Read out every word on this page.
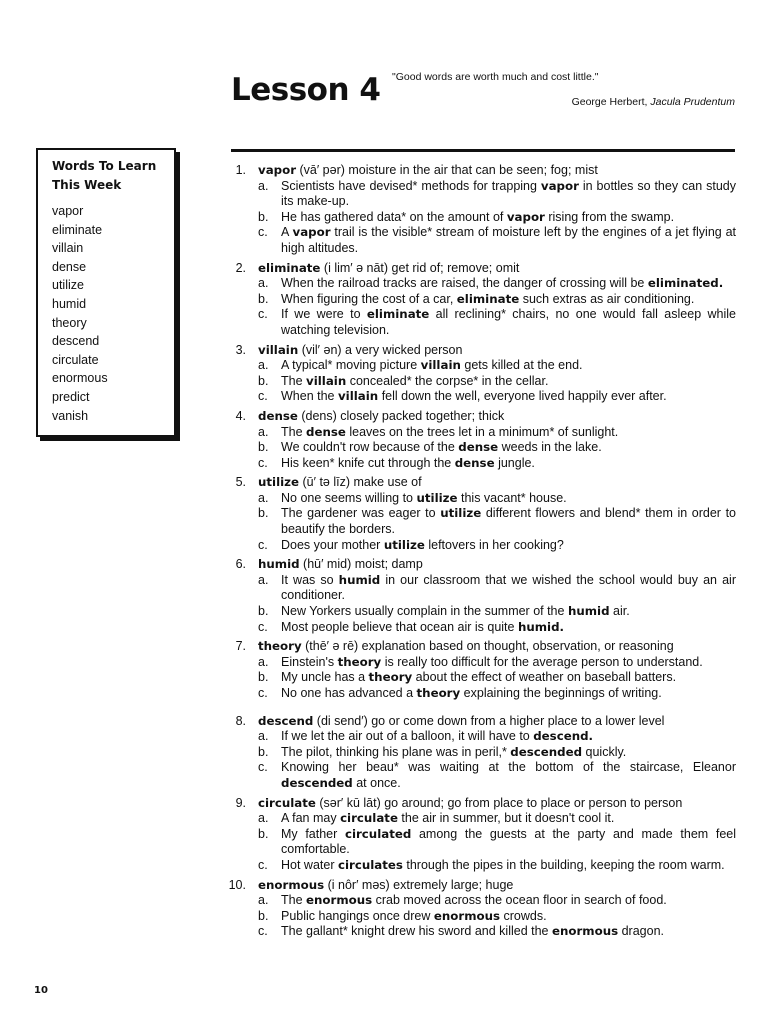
Lesson 4 "Good words are worth much and cost little."
George Herbert, Jacula Prudentum
Words To Learn This Week
vapor
eliminate
villain
dense
utilize
humid
theory
descend
circulate
enormous
predict
vanish
1. vapor (vā′ pər) moisture in the air that can be seen; fog; mist
a. Scientists have devised* methods for trapping vapor in bottles so they can study its make-up.
b. He has gathered data* on the amount of vapor rising from the swamp.
c. A vapor trail is the visible* stream of moisture left by the engines of a jet flying at high altitudes.
2. eliminate (i lim′ ə nāt) get rid of; remove; omit
a. When the railroad tracks are raised, the danger of crossing will be eliminated.
b. When figuring the cost of a car, eliminate such extras as air conditioning.
c. If we were to eliminate all reclining* chairs, no one would fall asleep while watching television.
3. villain (vil′ ən) a very wicked person
a. A typical* moving picture villain gets killed at the end.
b. The villain concealed* the corpse* in the cellar.
c. When the villain fell down the well, everyone lived happily ever after.
4. dense (dens) closely packed together; thick
a. The dense leaves on the trees let in a minimum* of sunlight.
b. We couldn't row because of the dense weeds in the lake.
c. His keen* knife cut through the dense jungle.
5. utilize (ū′ tə līz) make use of
a. No one seems willing to utilize this vacant* house.
b. The gardener was eager to utilize different flowers and blend* them in order to beautify the borders.
c. Does your mother utilize leftovers in her cooking?
6. humid (hū′ mid) moist; damp
a. It was so humid in our classroom that we wished the school would buy an air conditioner.
b. New Yorkers usually complain in the summer of the humid air.
c. Most people believe that ocean air is quite humid.
7. theory (thē′ ə rē) explanation based on thought, observation, or reasoning
a. Einstein's theory is really too difficult for the average person to understand.
b. My uncle has a theory about the effect of weather on baseball batters.
c. No one has advanced a theory explaining the beginnings of writing.
8. descend (di send′) go or come down from a higher place to a lower level
a. If we let the air out of a balloon, it will have to descend.
b. The pilot, thinking his plane was in peril,* descended quickly.
c. Knowing her beau* was waiting at the bottom of the staircase, Eleanor descended at once.
9. circulate (sər′ kū lāt) go around; go from place to place or person to person
a. A fan may circulate the air in summer, but it doesn't cool it.
b. My father circulated among the guests at the party and made them feel comfortable.
c. Hot water circulates through the pipes in the building, keeping the room warm.
10. enormous (i nôr′ məs) extremely large; huge
a. The enormous crab moved across the ocean floor in search of food.
b. Public hangings once drew enormous crowds.
c. The gallant* knight drew his sword and killed the enormous dragon.
10
